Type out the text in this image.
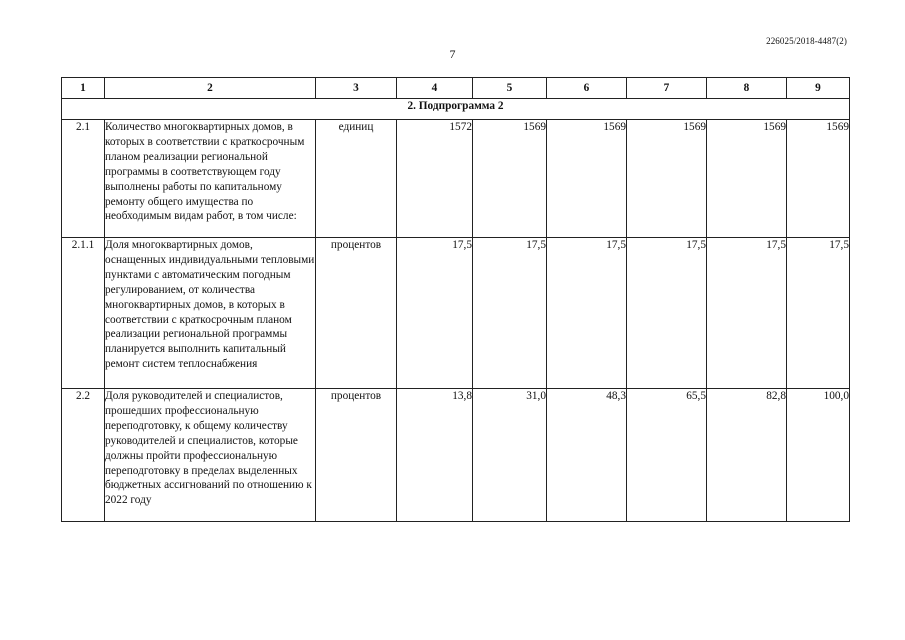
226025/2018-4487(2)
7
1	2	3	4	5	6	7	8	9
2. Подпрограмма 2								
2.1	Количество многоквартирных домов, в которых в соответствии с краткосрочным планом реализации региональной программы в соответствующем году выполнены работы по капитальному ремонту общего имущества по необходимым видам работ, в том числе:	единиц	1572	1569	1569	1569	1569	1569
2.1.1	Доля многоквартирных домов, оснащенных индивидуальными тепловыми пунктами с автоматическим погодным регулированием, от количества многоквартирных домов, в которых в соответствии с краткосрочным планом реализации региональной программы планируется выполнить капитальный ремонт систем теплоснабжения	процентов	17,5	17,5	17,5	17,5	17,5	17,5
2.2	Доля руководителей и специалистов, прошедших профессиональную переподготовку, к общему количеству руководителей и специалистов, которые должны пройти профессиональную переподготовку в пределах выделенных бюджетных ассигнований по отношению к 2022 году	процентов	13,8	31,0	48,3	65,5	82,8	100,0
